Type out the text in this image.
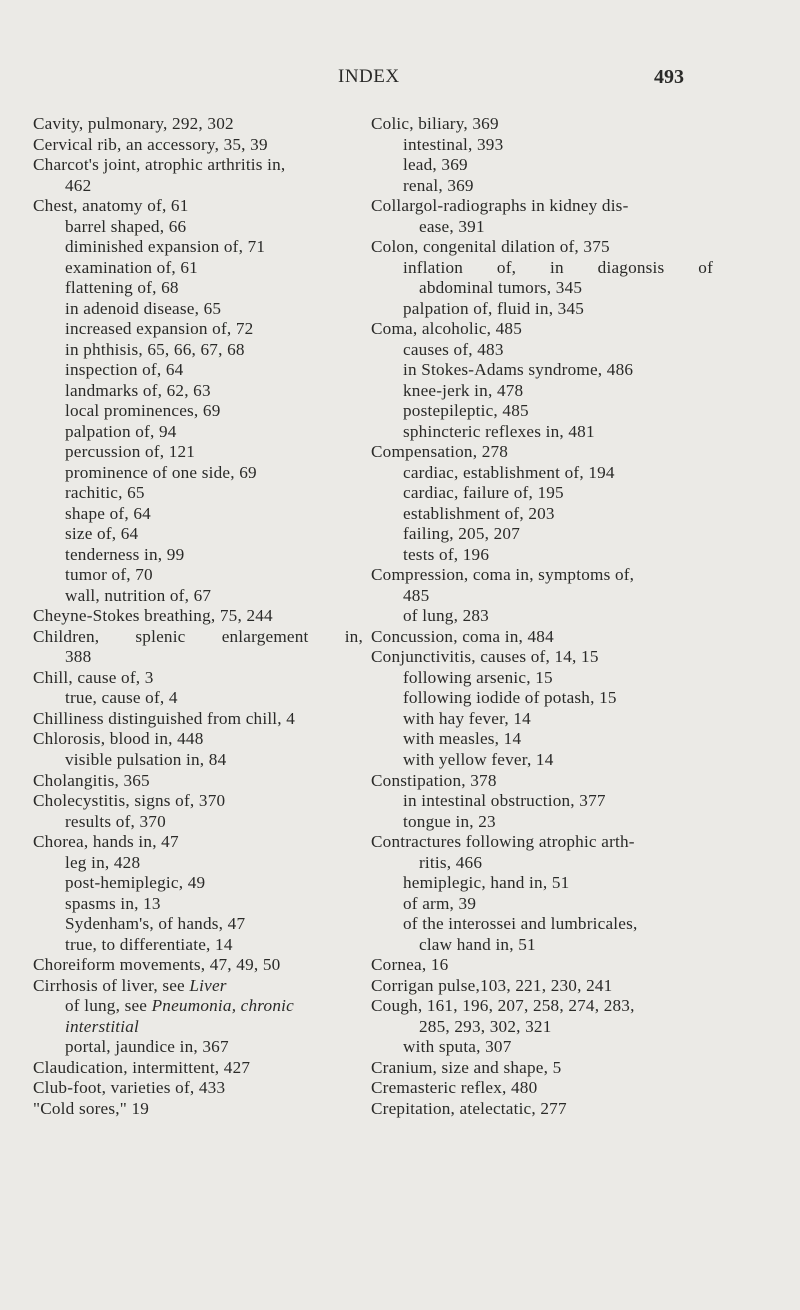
INDEX	493
Cavity, pulmonary, 292, 302
Cervical rib, an accessory, 35, 39
Charcot's joint, atrophic arthritis in,
462
Chest, anatomy of, 61
barrel shaped, 66
diminished expansion of, 71
examination of, 61
flattening of, 68
in adenoid disease, 65
increased expansion of, 72
in phthisis, 65, 66, 67, 68
inspection of, 64
landmarks of, 62, 63
local prominences, 69
palpation of, 94
percussion of, 121
prominence of one side, 69
rachitic, 65
shape of, 64
size of, 64
tenderness in, 99
tumor of, 70
wall, nutrition of, 67
Cheyne-Stokes breathing, 75, 244
Children, splenic enlargement in,
388
Chill, cause of, 3
true, cause of, 4
Chilliness distinguished from chill, 4
Chlorosis, blood in, 448
visible pulsation in, 84
Cholangitis, 365
Cholecystitis, signs of, 370
results of, 370
Chorea, hands in, 47
leg in, 428
post-hemiplegic, 49
spasms in, 13
Sydenham's, of hands, 47
true, to differentiate, 14
Choreiform movements, 47, 49, 50
Cirrhosis of liver, see Liver
of lung, see Pneumonia, chronic
interstitial
portal, jaundice in, 367
Claudication, intermittent, 427
Club-foot, varieties of, 433
"Cold sores," 19
Colic, biliary, 369
intestinal, 393
lead, 369
renal, 369
Collargol-radiographs in kidney dis-
ease, 391
Colon, congenital dilation of, 375
inflation of, in diagonsis of
abdominal tumors, 345
palpation of, fluid in, 345
Coma, alcoholic, 485
causes of, 483
in Stokes-Adams syndrome, 486
knee-jerk in, 478
postepileptic, 485
sphincteric reflexes in, 481
Compensation, 278
cardiac, establishment of, 194
cardiac, failure of, 195
establishment of, 203
failing, 205, 207
tests of, 196
Compression, coma in, symptoms of,
485
of lung, 283
Concussion, coma in, 484
Conjunctivitis, causes of, 14, 15
following arsenic, 15
following iodide of potash, 15
with hay fever, 14
with measles, 14
with yellow fever, 14
Constipation, 378
in intestinal obstruction, 377
tongue in, 23
Contractures following atrophic arth-
ritis, 466
hemiplegic, hand in, 51
of arm, 39
of the interossei and lumbricales,
claw hand in, 51
Cornea, 16
Corrigan pulse,103, 221, 230, 241
Cough, 161, 196, 207, 258, 274, 283,
285, 293, 302, 321
with sputa, 307
Cranium, size and shape, 5
Cremasteric reflex, 480
Crepitation, atelectatic, 277
